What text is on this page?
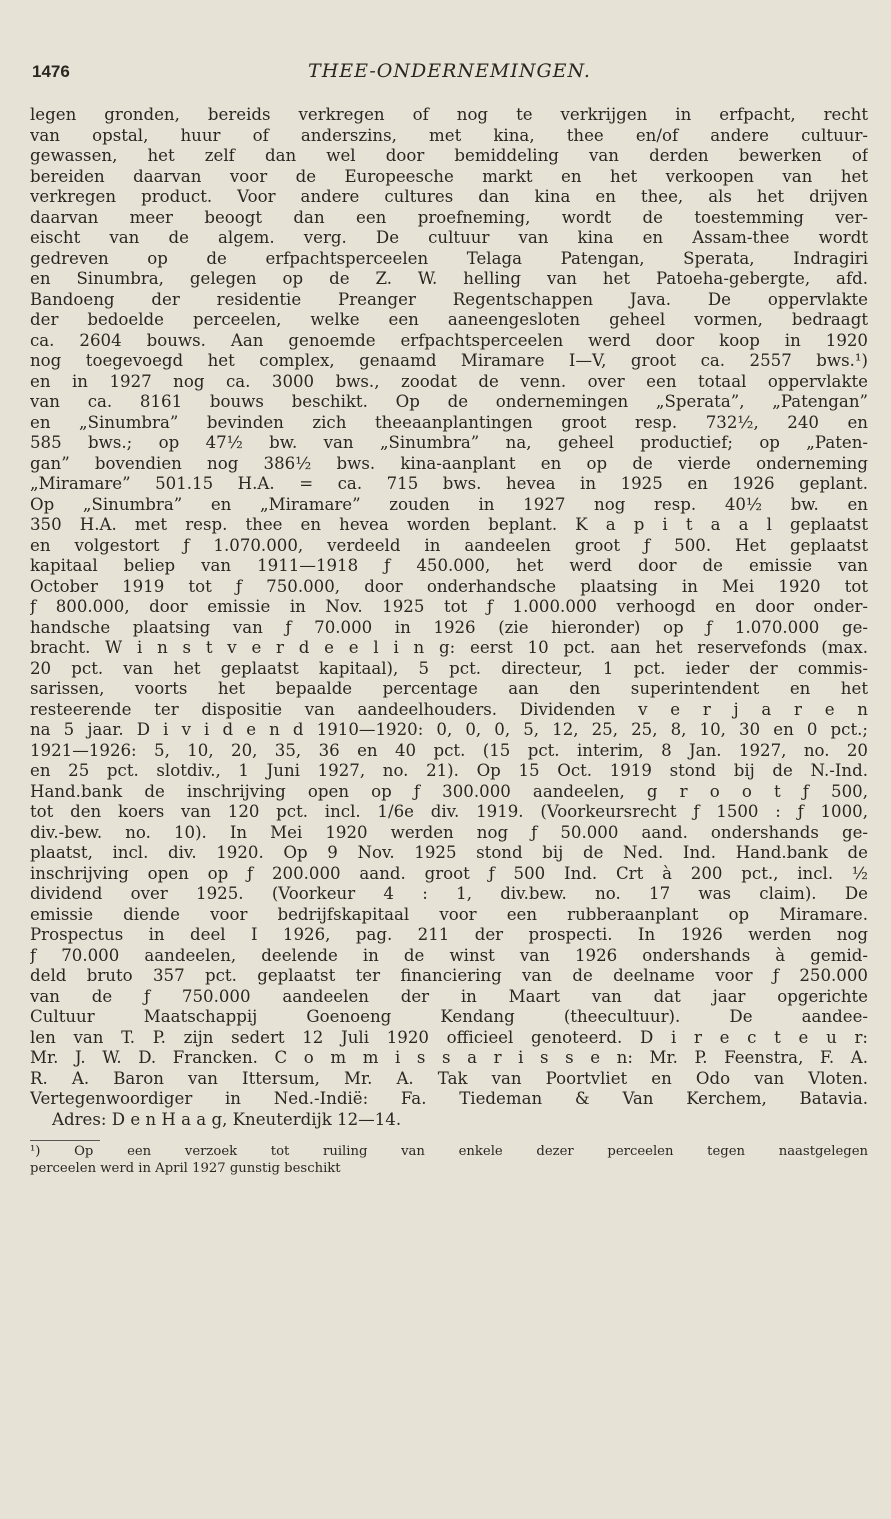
1476	THEE-ONDERNEMINGEN.
legen gronden, bereids verkregen of nog te verkrijgen in erfpacht, recht
van opstal, huur of anderszins, met kina, thee en/of andere cultuur-
gewassen, het zelf dan wel door bemiddeling van derden bewerken of
bereiden daarvan voor de Europeesche markt en het verkoopen van het
verkregen product. Voor andere cultures dan kina en thee, als het drijven
daarvan meer beoogt dan een proefneming, wordt de toestemming ver-
eischt van de algem. verg. De cultuur van kina en Assam-thee wordt
gedreven op de erfpachtsperceelen Telaga Patengan, Sperata, Indragiri
en Sinumbra, gelegen op de Z. W. helling van het Patoeha-gebergte, afd.
Bandoeng der residentie Preanger Regentschappen Java. De oppervlakte
der bedoelde perceelen, welke een aaneengesloten geheel vormen, bedraagt
ca. 2604 bouws. Aan genoemde erfpachtsperceelen werd door koop in 1920
nog toegevoegd het complex, genaamd Miramare I—V, groot ca. 2557 bws.¹)
en in 1927 nog ca. 3000 bws., zoodat de venn. over een totaal oppervlakte
van ca. 8161 bouws beschikt. Op de ondernemingen „Sperata”, „Patengan”
en „Sinumbra” bevinden zich theeaanplantingen groot resp. 732½, 240 en
585 bws.; op 47½ bw. van „Sinumbra” na, geheel productief; op „Paten-
gan” bovendien nog 386½ bws. kina-aanplant en op de vierde onderneming
„Miramare” 501.15 H.A. = ca. 715 bws. hevea in 1925 en 1926 geplant.
Op „Sinumbra” en „Miramare” zouden in 1927 nog resp. 40½ bw. en
350 H.A. met resp. thee en hevea worden beplant. K a p i t a a l geplaatst
en volgestort ƒ 1.070.000, verdeeld in aandeelen groot ƒ 500. Het geplaatst
kapitaal beliep van 1911—1918 ƒ 450.000, het werd door de emissie van
October 1919 tot ƒ 750.000, door onderhandsche plaatsing in Mei 1920 tot
ƒ 800.000, door emissie in Nov. 1925 tot ƒ 1.000.000 verhoogd en door onder-
handsche plaatsing van ƒ 70.000 in 1926 (zie hieronder) op ƒ 1.070.000 ge-
bracht. W i n s t v e r d e e l i n g: eerst 10 pct. aan het reservefonds (max.
20 pct. van het geplaatst kapitaal), 5 pct. directeur, 1 pct. ieder der commis-
sarissen, voorts het bepaalde percentage aan den superintendent en het
resteerende ter dispositie van aandeelhouders. Dividenden v e r j a r e n
na 5 jaar. D i v i d e n d 1910—1920: 0, 0, 0, 5, 12, 25, 25, 8, 10, 30 en 0 pct.;
1921—1926: 5, 10, 20, 35, 36 en 40 pct. (15 pct. interim, 8 Jan. 1927, no. 20
en 25 pct. slotdiv., 1 Juni 1927, no. 21). Op 15 Oct. 1919 stond bij de N.-Ind.
Hand.bank de inschrijving open op ƒ 300.000 aandeelen, g r o o t ƒ 500,
tot den koers van 120 pct. incl. 1/6e div. 1919. (Voorkeursrecht ƒ 1500 : ƒ 1000,
div.-bew. no. 10). In Mei 1920 werden nog ƒ 50.000 aand. ondershands ge-
plaatst, incl. div. 1920. Op 9 Nov. 1925 stond bij de Ned. Ind. Hand.bank de
inschrijving open op ƒ 200.000 aand. groot ƒ 500 Ind. Crt à 200 pct., incl. ½
dividend over 1925. (Voorkeur 4 : 1, div.bew. no. 17 was claim). De
emissie diende voor bedrijfskapitaal voor een rubberaanplant op Miramare.
Prospectus in deel I 1926, pag. 211 der prospecti. In 1926 werden nog
ƒ 70.000 aandeelen, deelende in de winst van 1926 ondershands à gemid-
deld bruto 357 pct. geplaatst ter financiering van de deelname voor ƒ 250.000
van de ƒ 750.000 aandeelen der in Maart van dat jaar opgerichte
Cultuur Maatschappij Goenoeng Kendang (theecultuur). De aandee-
len van T. P. zijn sedert 12 Juli 1920 officieel genoteerd. D i r e c t e u r:
Mr. J. W. D. Francken. C o m m i s s a r i s s e n: Mr. P. Feenstra, F. A.
R. A. Baron van Ittersum, Mr. A. Tak van Poortvliet en Odo van Vloten.
Vertegenwoordiger in Ned.-Indië: Fa. Tiedeman & Van Kerchem, Batavia.
Adres: D e n H a a g, Kneuterdijk 12—14.
¹) Op een verzoek tot ruiling van enkele dezer perceelen tegen naastgelegen
perceelen werd in April 1927 gunstig beschikt
